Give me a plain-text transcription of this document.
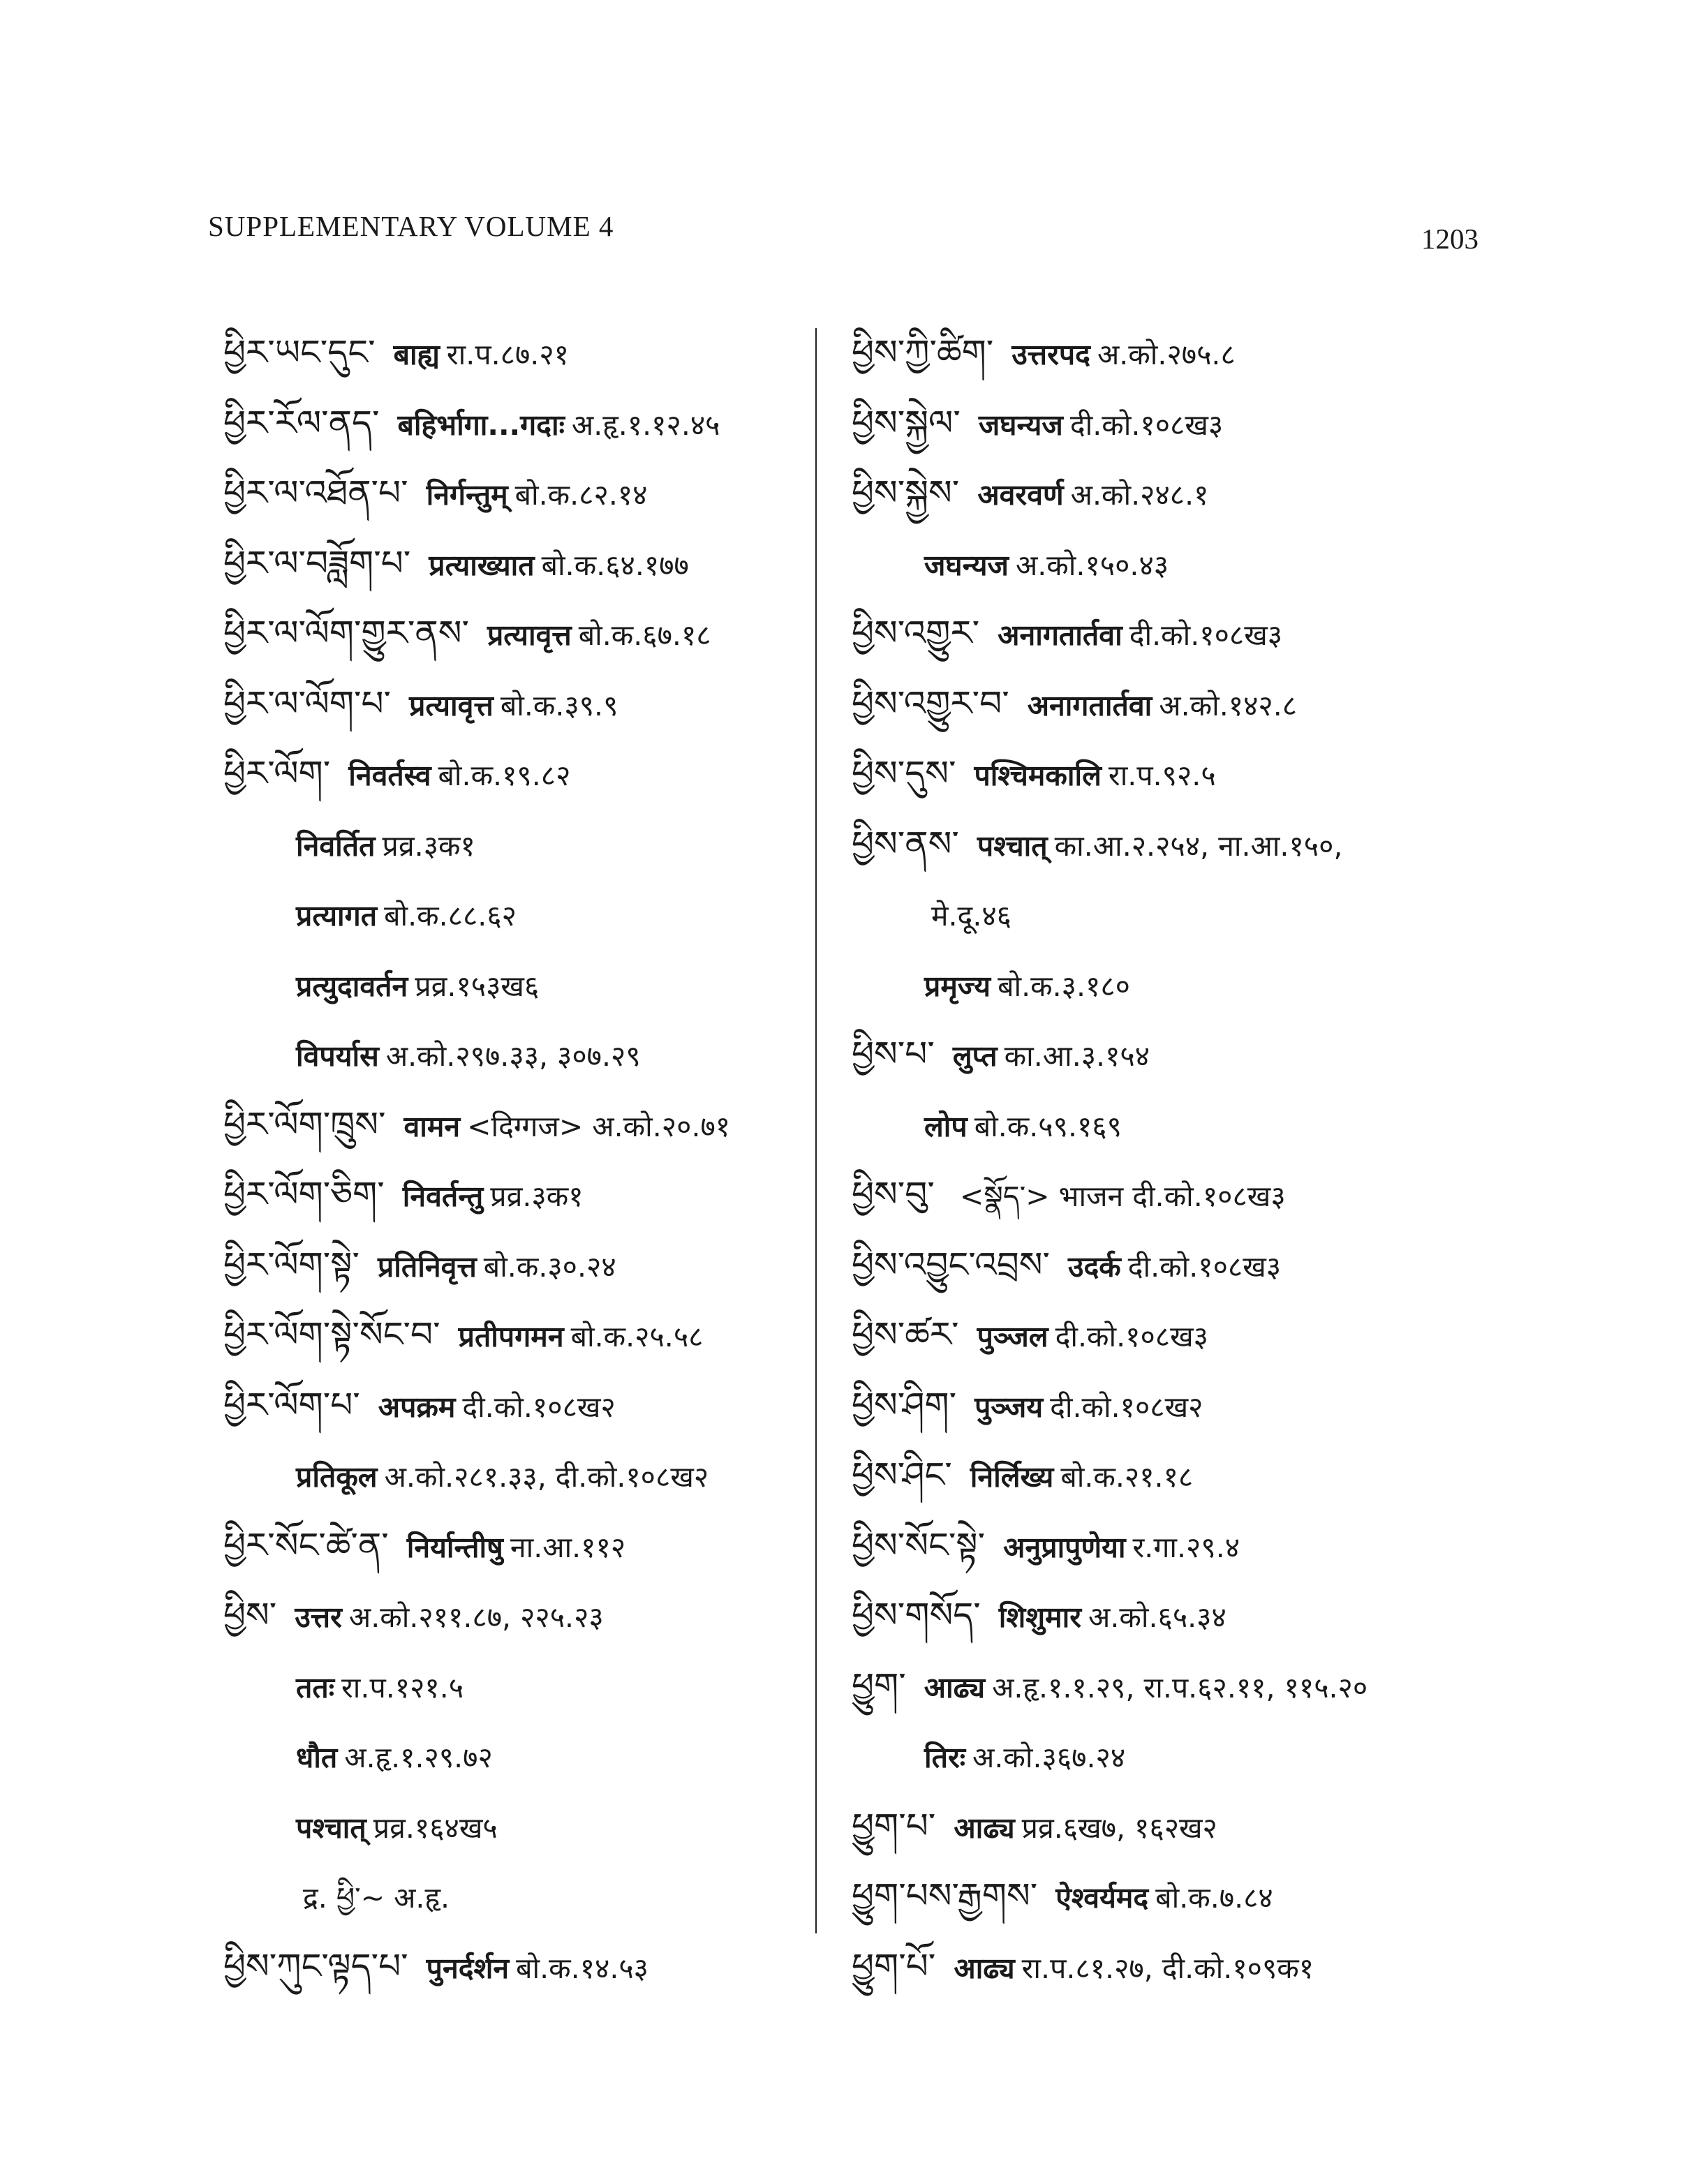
SUPPLEMENTARY VOLUME 4	1203
ཕྱིར་ཡང་དུང་ बाह्य रा.प.८७.२१
ཕྱིར་རོལ་ནད་ बहिर्भागा...गदाः अ.हृ.१.१२.४५
ཕྱིར་ལ་འཐོན་པ་ निर्गन्तुम् बो.क.८२.१४
ཕྱིར་ལ་བཟློག་པ་ प्रत्याख्यात बो.क.६४.१७७
ཕྱིར་ལ་ལོག་གྱུར་ནས་ प्रत्यावृत्त बो.क.६७.१८
ཕྱིར་ལ་ལོག་པ་ प्रत्यावृत्त बो.क.३९.९
ཕྱིར་ལོག་ निवर्तस्व बो.क.१९.८२
निवर्तित प्रव्र.३क१
प्रत्यागत बो.क.८८.६२
प्रत्युदावर्तन प्रव्र.१५३ख६
विपर्यास अ.को.२९७.३३, ३०७.२९
ཕྱིར་ལོག་ཁྲུས་ वामन <दिग्गज> अ.को.२०.७१
ཕྱིར་ལོག་ཅིག་ निवर्तन्तु प्रव्र.३क१
ཕྱིར་ལོག་སྟེ་ प्रतिनिवृत्त बो.क.३०.२४
ཕྱིར་ལོག་སྟེ་སོང་བ་ प्रतीपगमन बो.क.२५.५८
ཕྱིར་ལོག་པ་ अपक्रम दी.को.१०८ख२
प्रतिकूल अ.को.२८१.३३, दी.को.१०८ख२
ཕྱིར་སོང་ཚེ་ན་ निर्यान्तीषु ना.आ.११२
ཕྱིས་ उत्तर अ.को.२११.८७, २२५.२३
ततः रा.प.१२१.५
धौत अ.हृ.१.२९.७२
पश्चात् प्रव्र.१६४ख५
द्र. ཕྱི་~ अ.हृ.
ཕྱིས་ཀུང་ལྟད་པ་ पुनर्दर्शन बो.क.१४.५३
ཕྱིས་ཀྱི་ཚིག་ उत्तरपद अ.को.२७५.८
ཕྱིས་སྐྱེལ་ जघन्यज दी.को.१०८ख३
ཕྱིས་སྐྱེས་ अवरवर्ण अ.को.२४८.१
जघन्यज अ.को.१५०.४३
ཕྱིས་འགྱུར་ अनागतार्तवा दी.को.१०८ख३
ཕྱིས་འགྱུར་བ་ अनागतार्तवा अ.को.१४२.८
ཕྱིས་དུས་ पश्चिमकालि रा.प.९२.५
ཕྱིས་ནས་ पश्चात् का.आ.२.२५४, ना.आ.१५०,
मे.दू.४६
प्रमृज्य बो.क.३.१८०
ཕྱིས་པ་ लुप्त का.आ.३.१५४
लोप बो.क.५९.१६९
ཕྱིས་བུ་ <སྣོད་> भाजन दी.को.१०८ख३
ཕྱིས་འབྱུང་འབྲས་ उदर्क दी.को.१०८ख३
ཕྱིས་ཚར་ पुञ्जल दी.को.१०८ख३
ཕྱིས་ཤིག་ पुञ्जय दी.को.१०८ख२
ཕྱིས་ཤིང་ निर्लिख्य बो.क.२१.१८
ཕྱིས་སོང་སྟེ་ अनुप्रापुणेया र.गा.२९.४
ཕྱིས་གསོད་ शिशुमार अ.को.६५.३४
ཕྱུག་ आढ्य अ.हृ.१.१.२९, रा.प.६२.११, ११५.२०
तिरः अ.को.३६७.२४
ཕྱུག་པ་ आढ्य प्रव्र.६ख७, १६२ख२
ཕྱུག་པས་རྒྱགས་ ऐश्वर्यमद बो.क.७.८४
ཕྱུག་པོ་ आढ्य रा.प.८१.२७, दी.को.१०९क१
